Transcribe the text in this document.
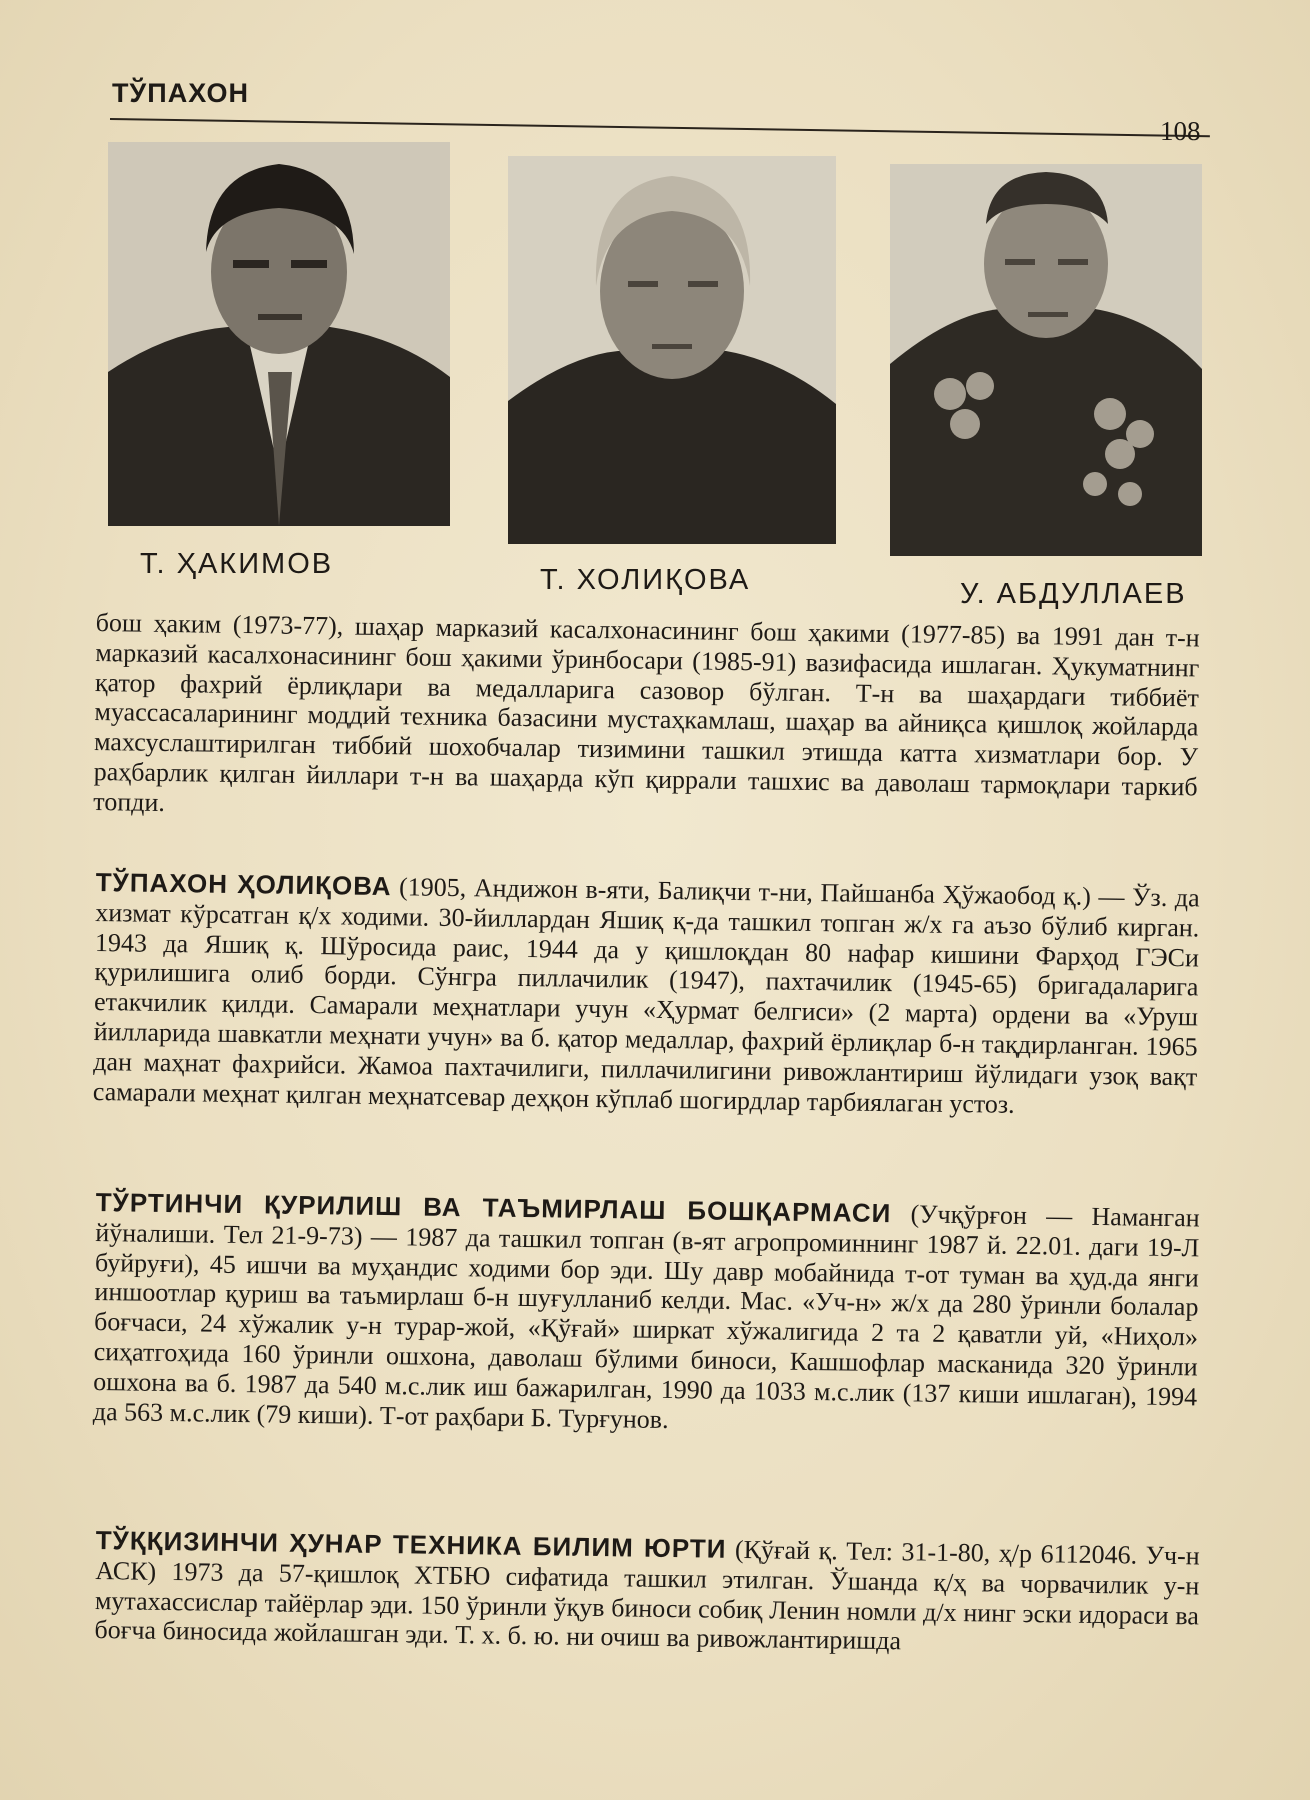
ТЎПАХОН
108
Т. ҲАКИМОВ	Т. ХОЛИҚОВА	У. АБДУЛЛАЕВ

бош ҳаким (1973-77), шаҳар марказий касалхонасининг бош ҳакими (1977-85) ва 1991 дан т-н марказий касалхонасининг бош ҳакими ўринбосари (1985-91) вазифасида ишлаган. Ҳукуматнинг қатор фахрий ёрлиқлари ва медалларига сазовор бўлган. Т-н ва шаҳардаги тиббиёт муассасаларининг моддий техника базасини мустаҳкамлаш, шаҳар ва айниқса қишлоқ жойларда махсуслаштирилган тиббий шохобчалар тизимини ташкил этишда катта хизматлари бор. У раҳбарлик қилган йиллари т-н ва шаҳарда кўп қиррали ташхис ва даволаш тармоқлари таркиб топди.

ТЎПАХОН ҲОЛИҚОВА (1905, Андижон в-яти, Балиқчи т-ни, Пайшанба Ҳўжаобод қ.) — Ўз. да хизмат кўрсатган қ/х ходими. 30-йиллардан Яшиқ қ-да ташкил топган ж/х га аъзо бўлиб кирган. 1943 да Яшиқ қ. Шўросида раис, 1944 да у қишлоқдан 80 нафар кишини Фарҳод ГЭСи қурилишига олиб борди. Сўнгра пиллачилик (1947), пахтачилик (1945-65) бригадаларига етакчилик қилди. Самарали меҳнатлари учун «Ҳурмат белгиси» (2 марта) ордени ва «Уруш йилларида шавкатли меҳнати учун» ва б. қатор медаллар, фахрий ёрлиқлар б-н тақдирланган. 1965 дан маҳнат фахрийси. Жамоа пахтачилиги, пиллачилигини ривожлантириш йўлидаги узоқ вақт самарали меҳнат қилган меҳнатсевар деҳқон кўплаб шогирдлар тарбиялаган устоз.

ТЎРТИНЧИ ҚУРИЛИШ ВА ТАЪМИРЛАШ БОШҚАРМАСИ (Учқўрғон — Наманган йўналиши. Тел 21-9-73) — 1987 да ташкил топган (в-ят агропроминнинг 1987 й. 22.01. даги 19-Л буйруғи), 45 ишчи ва муҳандис ходими бор эди. Шу давр мобайнида т-от туман ва ҳуд.да янги иншоотлар қуриш ва таъмирлаш б-н шуғулланиб келди. Мас. «Уч-н» ж/х да 280 ўринли болалар боғчаси, 24 хўжалик у-н турар-жой, «Қўғай» ширкат хўжалигида 2 та 2 қаватли уй, «Ниҳол» сиҳатгоҳида 160 ўринли ошхона, даволаш бўлими биноси, Кашшофлар масканида 320 ўринли ошхона ва б. 1987 да 540 м.с.лик иш бажарилган, 1990 да 1033 м.с.лик (137 киши ишлаган), 1994 да 563 м.с.лик (79 киши). Т-от раҳбари Б. Турғунов.

ТЎҚҚИЗИНЧИ ҲУНАР ТЕХНИКА БИЛИМ ЮРТИ (Қўғай қ. Тел: 31-1-80, ҳ/р 6112046. Уч-н АСК) 1973 да 57-қишлоқ ХТБЮ сифатида ташкил этилган. Ўшанда қ/ҳ ва чорвачилик у-н мутахассислар тайёрлар эди. 150 ўринли ўқув биноси собиқ Ленин номли д/х нинг эски идораси ва боғча биносида жойлашган эди. Т. х. б. ю. ни очиш ва ривожлантиришда
